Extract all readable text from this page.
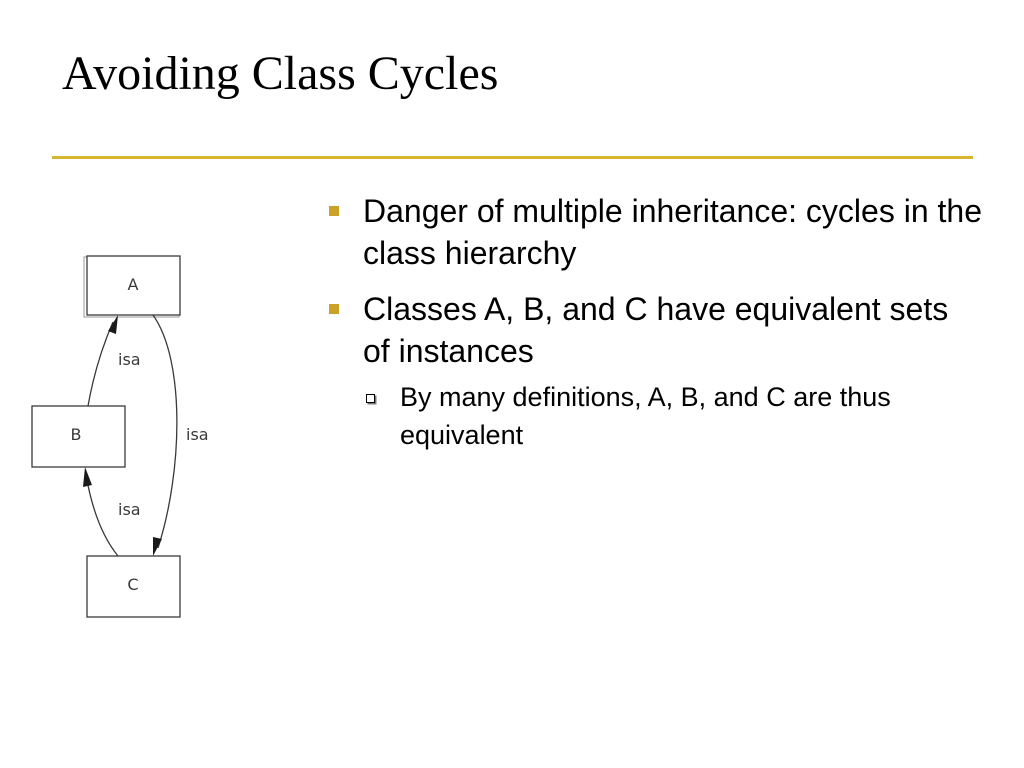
Avoiding Class Cycles
A
B
C
isa
isa
isa
Danger of multiple inheritance: cycles in the class hierarchy
Classes A, B, and C have equivalent sets of instances
By many definitions, A, B, and C are thus equivalent
